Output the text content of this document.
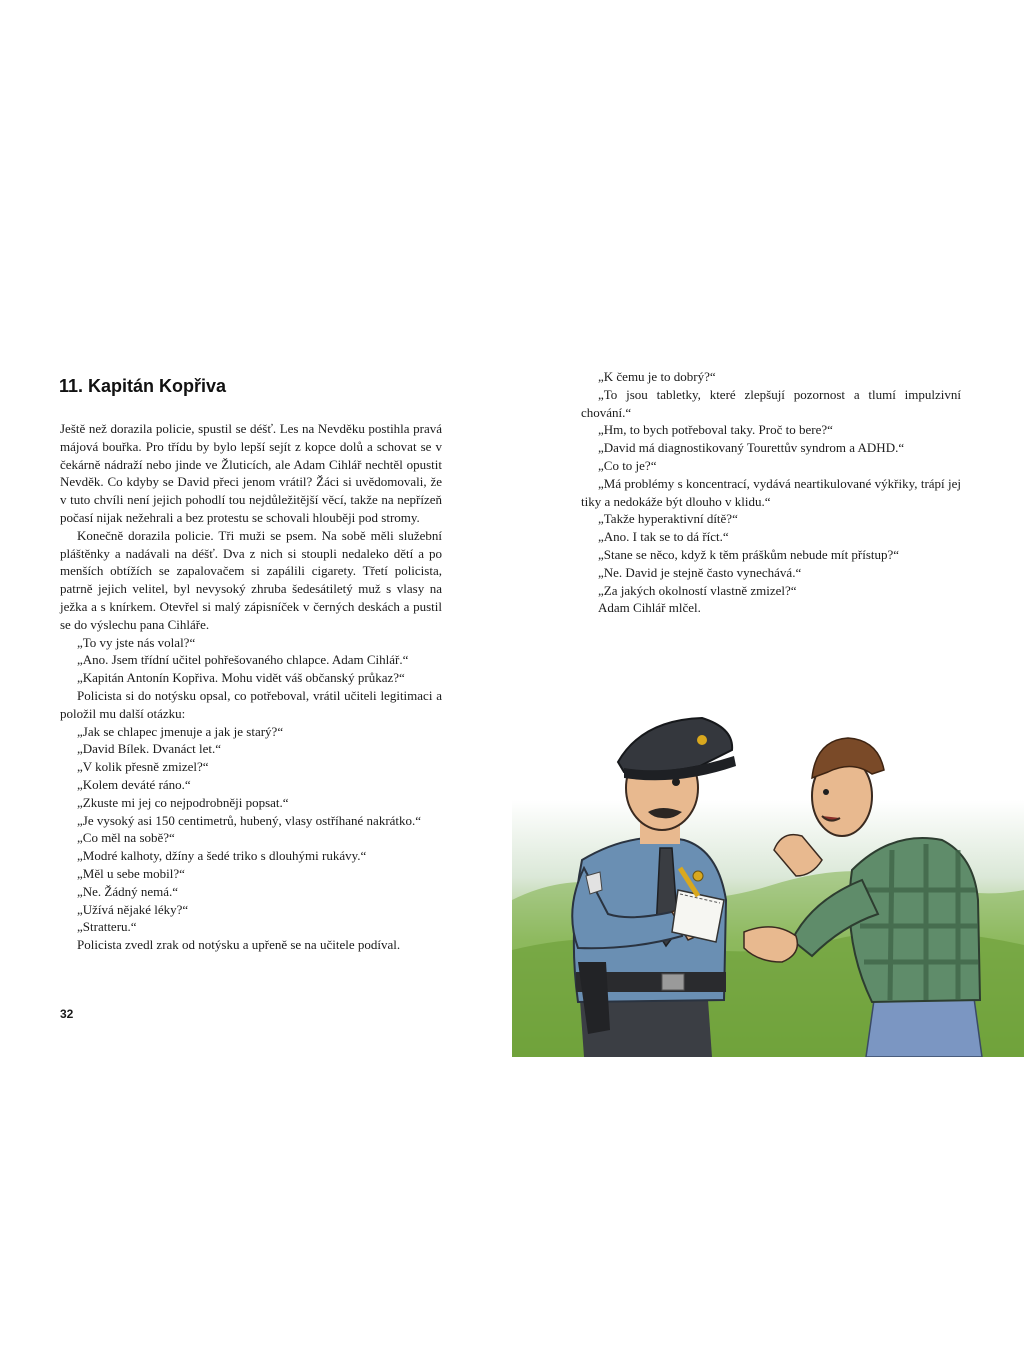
11. Kapitán Kopřiva

Ještě než dorazila policie, spustil se déšť. Les na Nevděku postihla pravá májová bouřka. Pro třídu by bylo lepší sejít z kopce dolů a schovat se v čekárně nádraží nebo jinde ve Žluticích, ale Adam Cihlář nechtěl opustit Nevděk. Co kdyby se David přeci jenom vrátil? Žáci si uvědomovali, že v tuto chvíli není jejich pohodlí tou nejdůležitější věcí, takže na nepřízeň počasí nijak nežehrali a bez protestu se schovali hlouběji pod stromy.

Konečně dorazila policie. Tři muži se psem. Na sobě měli služební pláštěnky a nadávali na déšť. Dva z nich si stoupli nedaleko dětí a po menších obtížích se zapalovačem si zapálili cigarety. Třetí policista, patrně jejich velitel, byl nevysoký zhruba šedesátiletý muž s vlasy na ježka a s knírkem. Otevřel si malý zápisníček v černých deskách a pustil se do výslechu pana Cihláře.

„To vy jste nás volal?“

„Ano. Jsem třídní učitel pohřešovaného chlapce. Adam Cihlář.“

„Kapitán Antonín Kopřiva. Mohu vidět váš občanský průkaz?“

Policista si do notýsku opsal, co potřeboval, vrátil učiteli legitimaci a položil mu další otázku:

„Jak se chlapec jmenuje a jak je starý?“

„David Bílek. Dvanáct let.“

„V kolik přesně zmizel?“

„Kolem deváté ráno.“

„Zkuste mi jej co nejpodrobněji popsat.“

„Je vysoký asi 150 centimetrů, hubený, vlasy ostříhané nakrátko.“

„Co měl na sobě?“

„Modré kalhoty, džíny a šedé triko s dlouhými rukávy.“

„Měl u sebe mobil?“

„Ne. Žádný nemá.“

„Užívá nějaké léky?“

„Stratteru.“

Policista zvedl zrak od notýsku a upřeně se na učitele podíval.

„K čemu je to dobrý?“

„To jsou tabletky, které zlepšují pozornost a tlumí impulzivní chování.“

„Hm, to bych potřeboval taky. Proč to bere?“

„David má diagnostikovaný Tourettův syndrom a ADHD.“

„Co to je?“

„Má problémy s koncentrací, vydává neartikulované výkřiky, trápí jej tiky a nedokáže být dlouho v klidu.“

„Takže hyperaktivní dítě?“

„Ano. I tak se to dá říct.“

„Stane se něco, když k těm práškům nebude mít přístup?“

„Ne. David je stejně často vynechává.“

„Za jakých okolností vlastně zmizel?“

Adam Cihlář mlčel.

32
